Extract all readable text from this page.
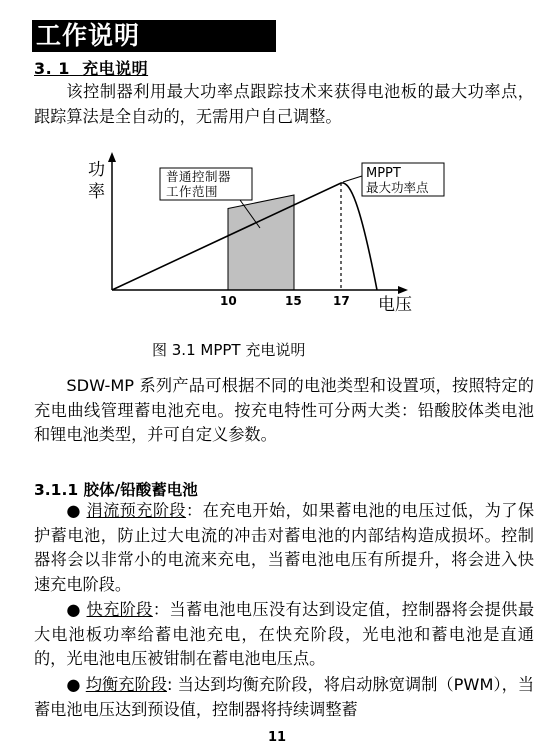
工作说明
3. 1 充电说明
该控制器利用最大功率点跟踪技术来获得电池板的最大功率点，跟踪算法是全自动的，无需用户自己调整。
功
率
电压
普通控制器
工作范围
MPPT
最大功率点
10	15	17
图 3.1 MPPT 充电说明
SDW-MP 系列产品可根据不同的电池类型和设置项，按照特定的充电曲线管理蓄电池充电。按充电特性可分两大类：铅酸胶体类电池和锂电池类型，并可自定义参数。
3.1.1 胶体/铅酸蓄电池
● 涓流预充阶段：在充电开始，如果蓄电池的电压过低，为了保护蓄电池，防止过大电流的冲击对蓄电池的内部结构造成损坏。控制器将会以非常小的电流来充电，当蓄电池电压有所提升，将会进入快速充电阶段。
● 快充阶段：当蓄电池电压没有达到设定值，控制器将会提供最大电池板功率给蓄电池充电，在快充阶段，光电池和蓄电池是直通的，光电池电压被钳制在蓄电池电压点。
● 均衡充阶段: 当达到均衡充阶段，将启动脉宽调制（PWM），当蓄电池电压达到预设值，控制器将持续调整蓄
11
